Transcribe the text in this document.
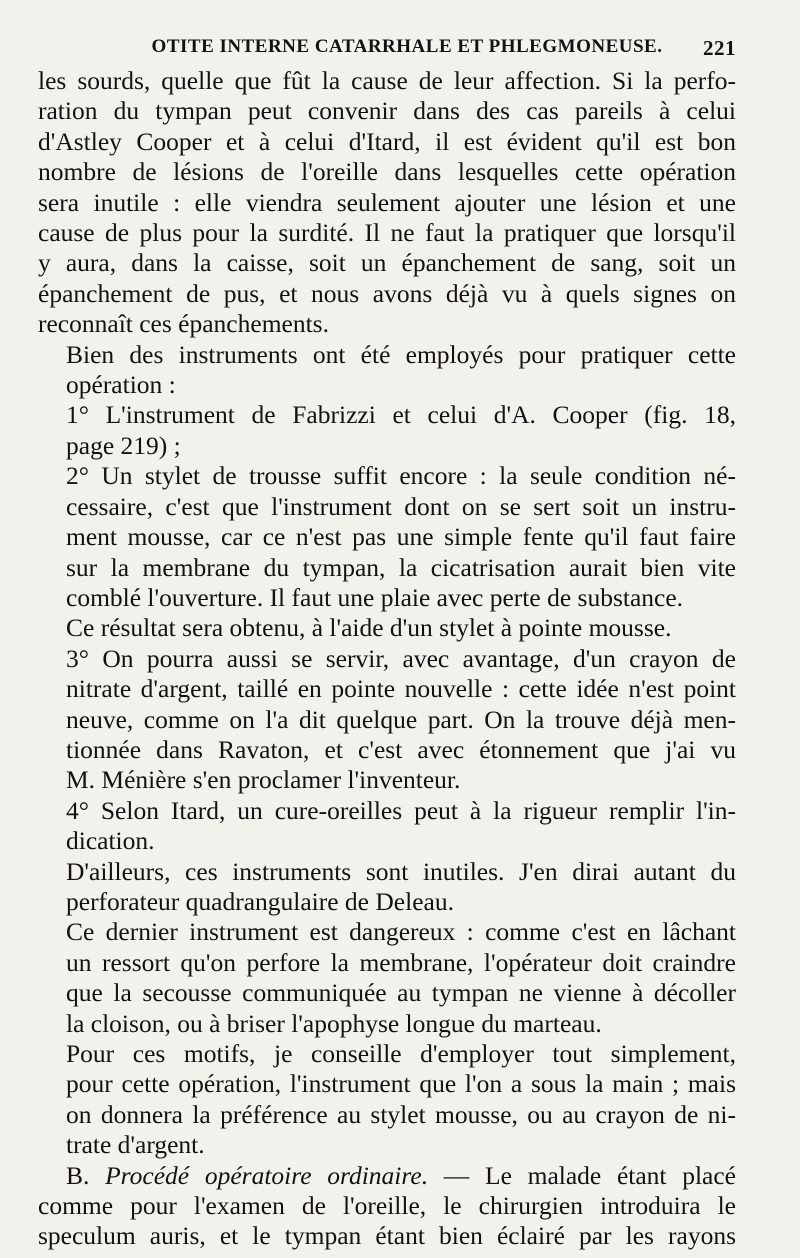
OTITE INTERNE CATARRHALE ET PHLEGMONEUSE. 221

les sourds, quelle que fût la cause de leur affection. Si la perfo-
ration du tympan peut convenir dans des cas pareils à celui
d'Astley Cooper et à celui d'Itard, il est évident qu'il est bon
nombre de lésions de l'oreille dans lesquelles cette opération
sera inutile : elle viendra seulement ajouter une lésion et une
cause de plus pour la surdité. Il ne faut la pratiquer que lorsqu'il
y aura, dans la caisse, soit un épanchement de sang, soit un
épanchement de pus, et nous avons déjà vu à quels signes on
reconnaît ces épanchements.

Bien des instruments ont été employés pour pratiquer cette
opération :

1° L'instrument de Fabrizzi et celui d'A. Cooper (fig. 18,
page 219) ;

2° Un stylet de trousse suffit encore : la seule condition né-
cessaire, c'est que l'instrument dont on se sert soit un instru-
ment mousse, car ce n'est pas une simple fente qu'il faut faire
sur la membrane du tympan, la cicatrisation aurait bien vite
comblé l'ouverture. Il faut une plaie avec perte de substance.

Ce résultat sera obtenu, à l'aide d'un stylet à pointe mousse.

3° On pourra aussi se servir, avec avantage, d'un crayon de
nitrate d'argent, taillé en pointe nouvelle : cette idée n'est point
neuve, comme on l'a dit quelque part. On la trouve déjà men-
tionnée dans Ravaton, et c'est avec étonnement que j'ai vu
M. Ménière s'en proclamer l'inventeur.

4° Selon Itard, un cure-oreilles peut à la rigueur remplir l'in-
dication.

D'ailleurs, ces instruments sont inutiles. J'en dirai autant du
perforateur quadrangulaire de Deleau.

Ce dernier instrument est dangereux : comme c'est en lâchant
un ressort qu'on perfore la membrane, l'opérateur doit craindre
que la secousse communiquée au tympan ne vienne à décoller
la cloison, ou à briser l'apophyse longue du marteau.

Pour ces motifs, je conseille d'employer tout simplement,
pour cette opération, l'instrument que l'on a sous la main ; mais
on donnera la préférence au stylet mousse, ou au crayon de ni-
trate d'argent.

B. Procédé opératoire ordinaire. — Le malade étant placé
comme pour l'examen de l'oreille, le chirurgien introduira le
speculum auris, et le tympan étant bien éclairé par les rayons
